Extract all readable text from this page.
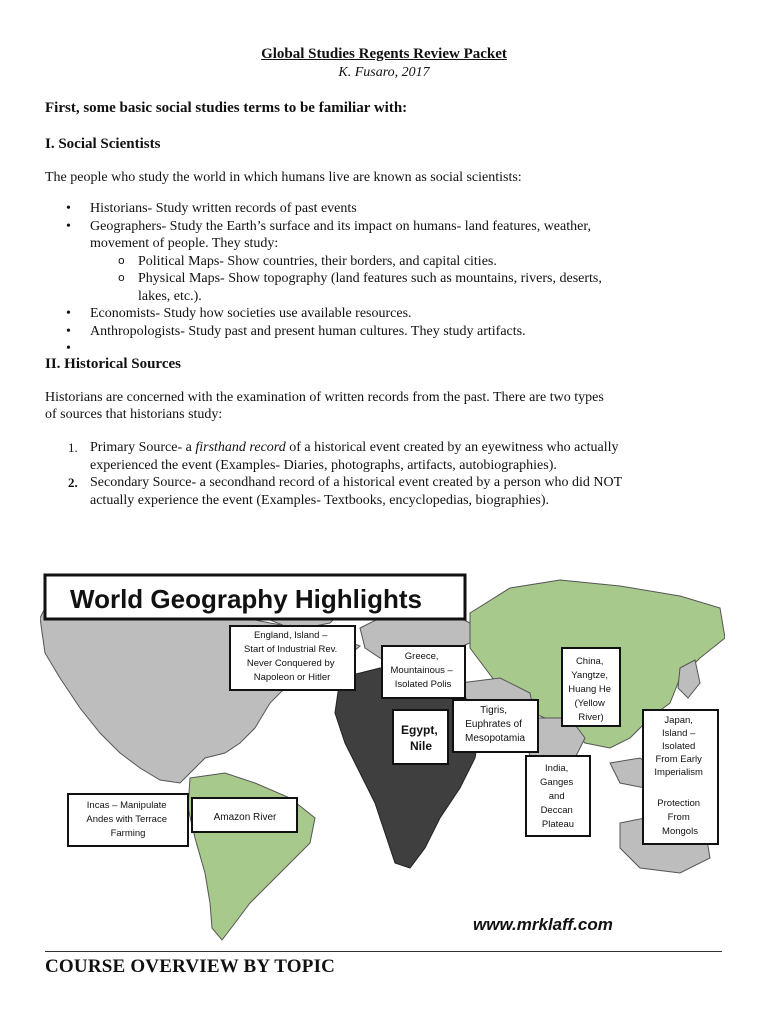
Global Studies Regents Review Packet
K. Fusaro, 2017
First, some basic social studies terms to be familiar with:
I. Social Scientists
The people who study the world in which humans live are known as social scientists:
• Historians- Study written records of past events
• Geographers- Study the Earth’s surface and its impact on humans- land features, weather,
movement of people. They study:
o Political Maps- Show countries, their borders, and capital cities.
o Physical Maps- Show topography (land features such as mountains, rivers, deserts,
lakes, etc.).
• Economists- Study how societies use available resources.
• Anthropologists- Study past and present human cultures. They study artifacts.
•
II. Historical Sources
Historians are concerned with the examination of written records from the past. There are two types
of sources that historians study:
1. Primary Source- a firsthand record of a historical event created by an eyewitness who actually
experienced the event (Examples- Diaries, photographs, artifacts, autobiographies).
2. Secondary Source- a secondhand record of a historical event created by a person who did NOT
actually experience the event (Examples- Textbooks, encyclopedias, biographies).
World Geography Highlights
England, Island – Start of Industrial Rev. Never Conquered by Napoleon or Hitler
Greece, Mountainous – Isolated Polis
China, Yangtze, Huang He (Yellow River)
Tigris, Euphrates of Mesopotamia
Egypt, Nile
Japan, Island – Isolated From Early Imperialism Protection From Mongols
India, Ganges and Deccan Plateau
Incas – Manipulate Andes with Terrace Farming
Amazon River
www.mrklaff.com
COURSE OVERVIEW BY TOPIC
